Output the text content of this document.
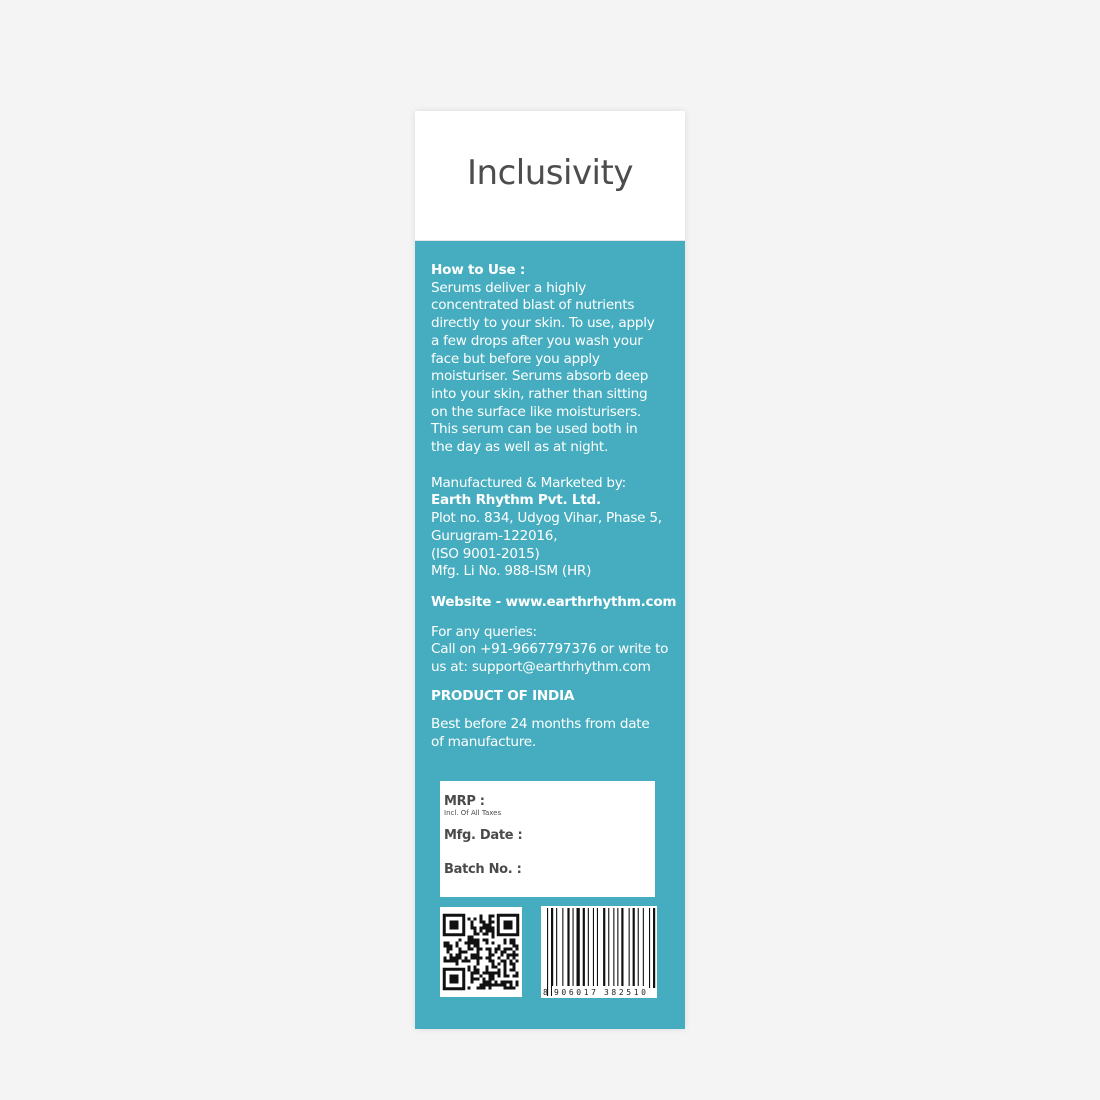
Inclusivity

How to Use :

Serums deliver a highly

concentrated blast of nutrients

directly to your skin. To use, apply

a few drops after you wash your

face but before you apply

moisturiser. Serums absorb deep

into your skin, rather than sitting

on the surface like moisturisers.

This serum can be used both in

the day as well as at night.

Manufactured & Marketed by:

Earth Rhythm Pvt. Ltd.

Plot no. 834, Udyog Vihar, Phase 5,

Gurugram-122016,

(ISO 9001-2015)

Mfg. Li No. 988-ISM (HR)

Website - www.earthrhythm.com

For any queries:

Call on +91-9667797376 or write to

us at: support@earthrhythm.com

PRODUCT OF INDIA

Best before 24 months from date

of manufacture.

MRP :
Incl. Of All Taxes
Mfg. Date :
Batch No. :
8 906017 382510
